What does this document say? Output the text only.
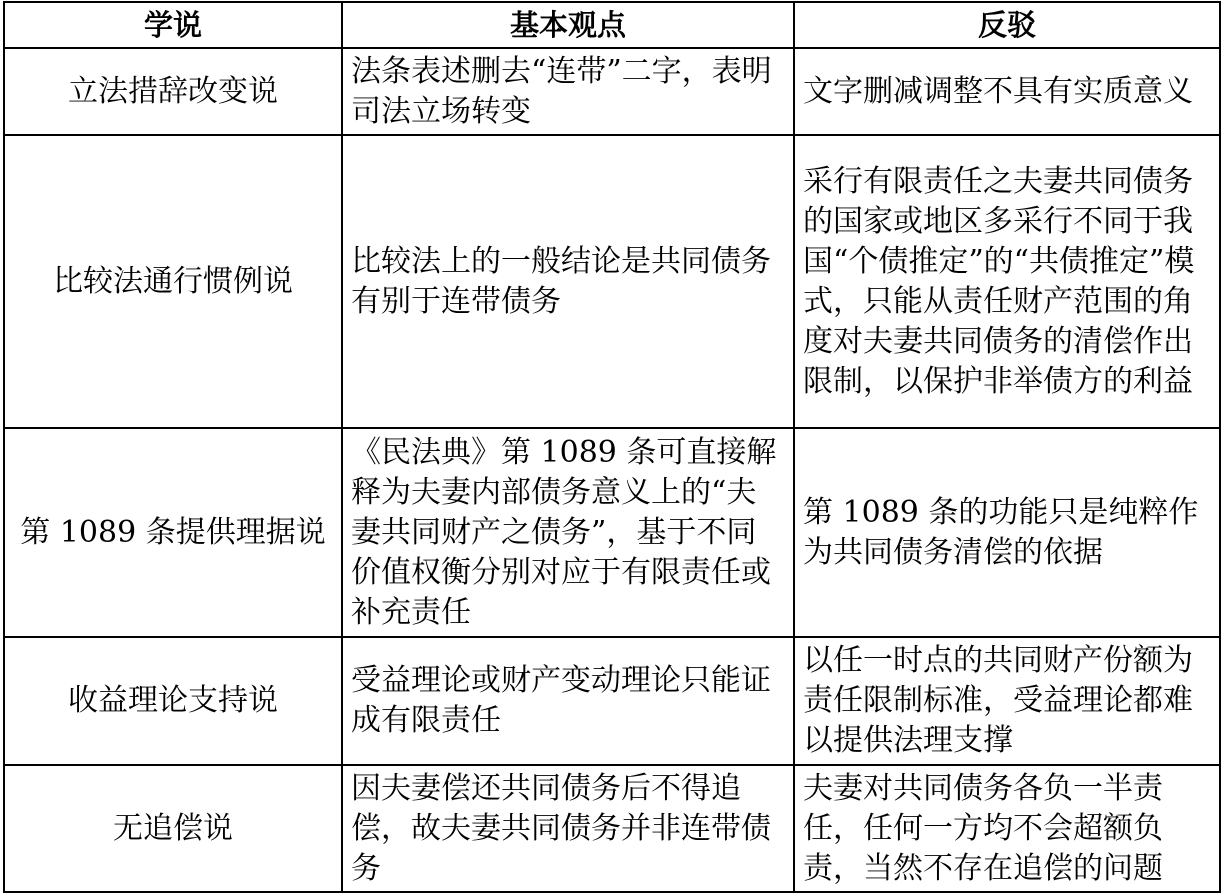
学说	基本观点	反驳
立法措辞改变说	法条表述删去“连带”二字，表明司法立场转变	文字删减调整不具有实质意义
比较法通行惯例说	比较法上的一般结论是共同债务有别于连带债务	采行有限责任之夫妻共同债务的国家或地区多采行不同于我国“个债推定”的“共债推定”模式，只能从责任财产范围的角度对夫妻共同债务的清偿作出限制，以保护非举债方的利益
第 1089 条提供理据说	《民法典》第 1089 条可直接解释为夫妻内部债务意义上的“夫妻共同财产之债务”，基于不同价值权衡分别对应于有限责任或补充责任	第 1089 条的功能只是纯粹作为共同债务清偿的依据
收益理论支持说	受益理论或财产变动理论只能证成有限责任	以任一时点的共同财产份额为责任限制标准，受益理论都难以提供法理支撑
无追偿说	因夫妻偿还共同债务后不得追偿，故夫妻共同债务并非连带债务	夫妻对共同债务各负一半责任，任何一方均不会超额负责，当然不存在追偿的问题
